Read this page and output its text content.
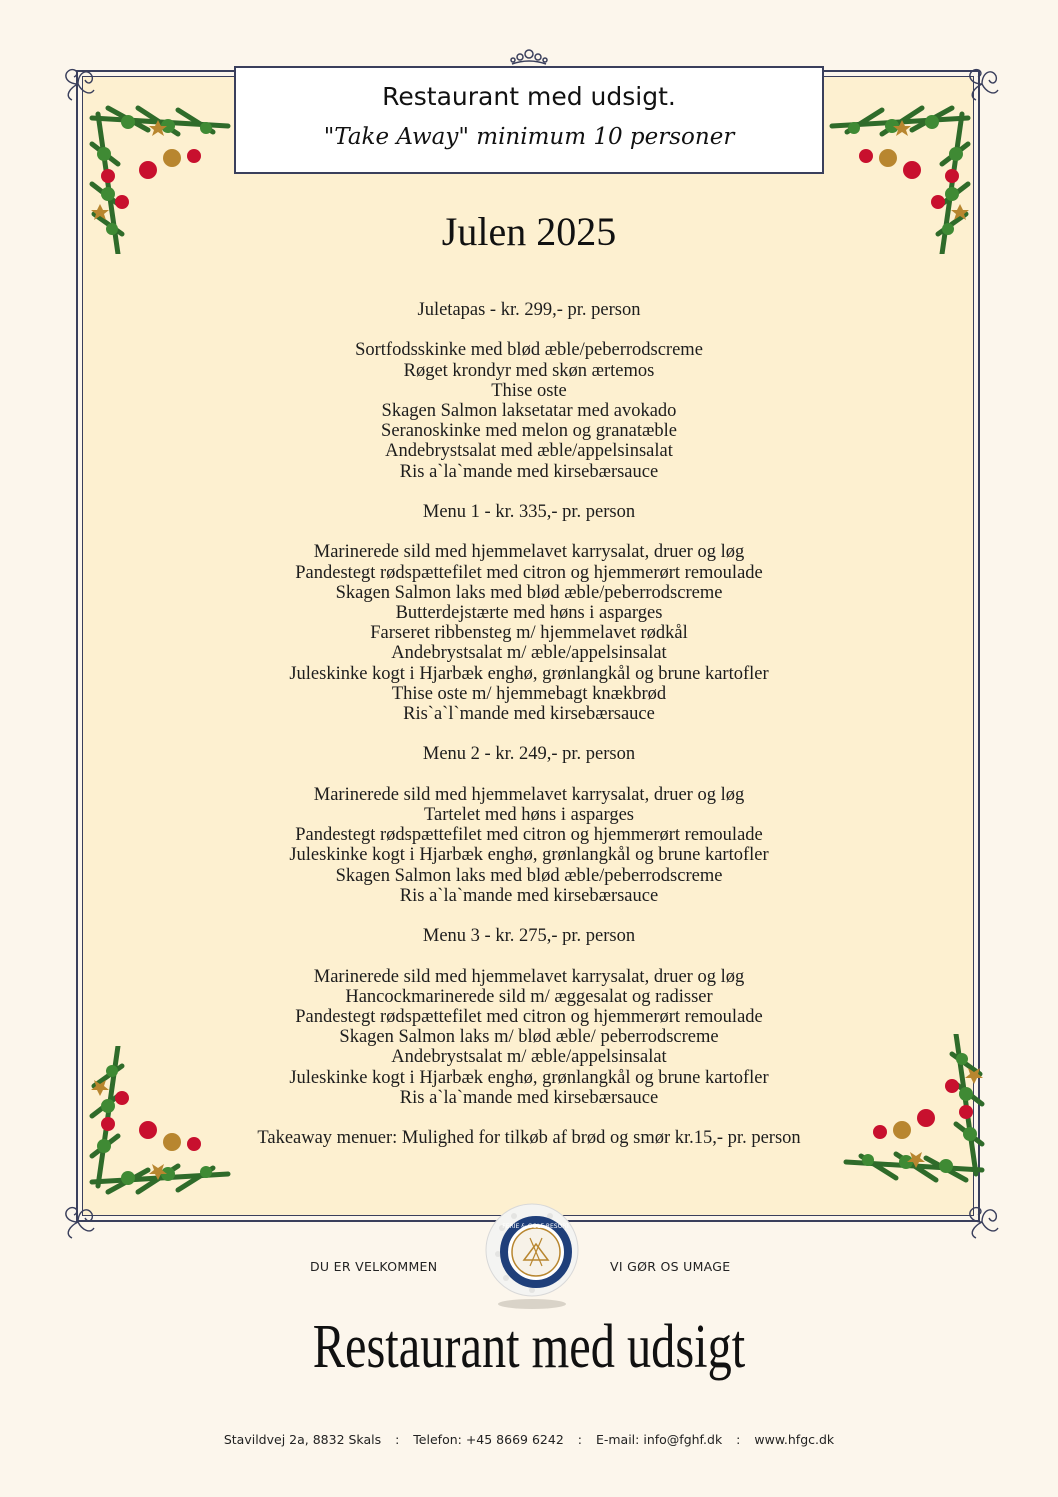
Restaurant med udsigt.
"Take Away" minimum 10 personer
Julen 2025
Juletapas - kr. 299,- pr. person
Sortfodsskinke med blød æble/peberrodscreme
Røget krondyr med skøn ærtemos
Thise oste
Skagen Salmon laksetatar med avokado
Seranoskinke med melon og granatæble
Andebrystsalat med æble/appelsinsalat
Ris a`la`mande med kirsebærsauce
Menu 1 - kr. 335,- pr. person
Marinerede sild med hjemmelavet karrysalat, druer og løg
Pandestegt rødspættefilet med citron og hjemmerørt remoulade
Skagen Salmon laks med blød æble/peberrodscreme
Butterdejstærte med høns i asparges
Farseret ribbensteg m/ hjemmelavet rødkål
Andebrystsalat m/ æble/appelsinsalat
Juleskinke kogt i Hjarbæk enghø, grønlangkål og brune kartofler
Thise oste m/ hjemmebagt knækbrød
Ris`a`l`mande med kirsebærsauce
Menu 2 - kr. 249,- pr. person
Marinerede sild med hjemmelavet karrysalat, druer og løg
Tartelet med høns i asparges
Pandestegt rødspættefilet med citron og hjemmerørt remoulade
Juleskinke kogt i Hjarbæk enghø, grønlangkål og brune kartofler
Skagen Salmon laks med blød æble/peberrodscreme
Ris a`la`mande med kirsebærsauce
Menu 3 - kr. 275,- pr. person
Marinerede sild med hjemmelavet karrysalat, druer og løg
Hancockmarinerede sild m/ æggesalat og radisser
Pandestegt rødspættefilet med citron og hjemmerørt remoulade
Skagen Salmon laks m/ blød æble/ peberrodscreme
Andebrystsalat m/ æble/appelsinsalat
Juleskinke kogt i Hjarbæk enghø, grønlangkål og brune kartofler
Ris a`la`mande med kirsebærsauce
Takeaway menuer: Mulighed for tilkøb af brød og smør kr.15,- pr. person
DU ER VELKOMMEN	VI GØR OS UMAGE
FERIE & GOLF RESORT
Restaurant med udsigt
Stavildvej 2a, 8832 Skals : Telefon: +45 8669 6242 : E-mail: info@fghf.dk : www.hfgc.dk
